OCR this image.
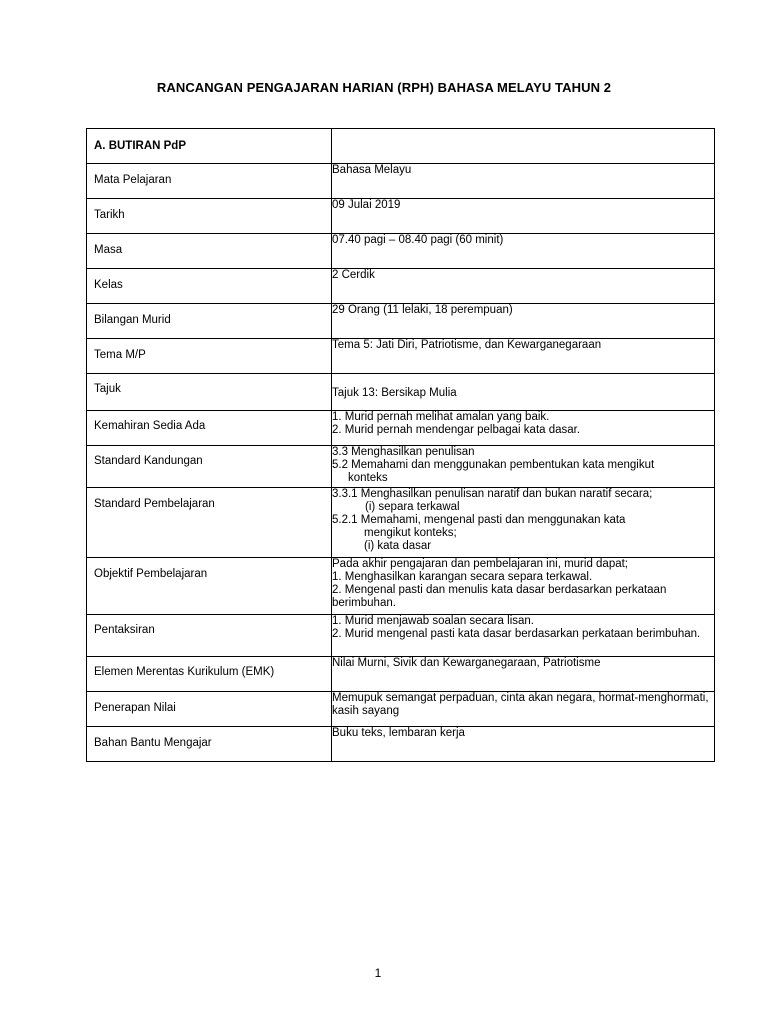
RANCANGAN PENGAJARAN HARIAN (RPH) BAHASA MELAYU TAHUN 2
A. BUTIRAN PdP	

Mata Pelajaran	Bahasa Melayu

Tarikh	09 Julai 2019

Masa	07.40 pagi – 08.40 pagi (60 minit)

Kelas	2 Cerdik

Bilangan Murid	29 Orang (11 lelaki, 18 perempuan)

Tema M/P	Tema 5: Jati Diri, Patriotisme, dan Kewarganegaraan

Tajuk	Tajuk 13: Bersikap Mulia

Kemahiran Sedia Ada	1. Murid pernah melihat amalan yang baik.
2. Murid pernah mendengar pelbagai kata dasar.

Standard Kandungan	3.3 Menghasilkan penulisan
5.2 Memahami dan menggunakan pembentukan kata mengikut
konteks

Standard Pembelajaran	3.3.1 Menghasilkan penulisan naratif dan bukan naratif secara;
(i) separa terkawal
5.2.1 Memahami, mengenal pasti dan menggunakan kata
mengikut konteks;
(i) kata dasar

Objektif Pembelajaran	Pada akhir pengajaran dan pembelajaran ini, murid dapat;
1. Menghasilkan karangan secara separa terkawal.
2. Mengenal pasti dan menulis kata dasar berdasarkan perkataan berimbuhan.

Pentaksiran	1. Murid menjawab soalan secara lisan.
2. Murid mengenal pasti kata dasar berdasarkan perkataan berimbuhan.

Elemen Merentas Kurikulum (EMK)	Nilai Murni, Sivik dan Kewarganegaraan, Patriotisme

Penerapan Nilai	Memupuk semangat perpaduan, cinta akan negara, hormat-menghormati, kasih sayang

Bahan Bantu Mengajar	Buku teks, lembaran kerja
1
